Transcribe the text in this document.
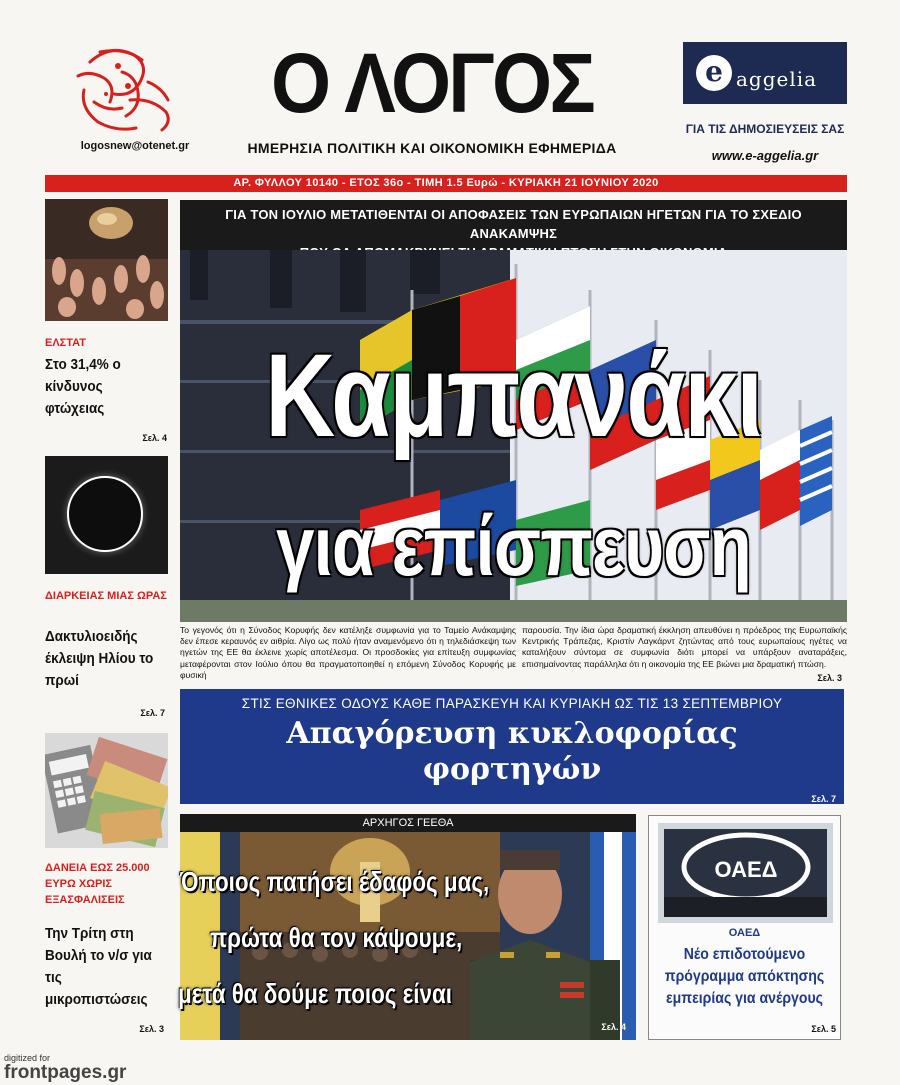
logosnew@otenet.gr
Ο ΛΟΓΟΣ
ΗΜΕΡΗΣΙΑ ΠΟΛΙΤΙΚΗ ΚΑΙ ΟΙΚΟΝΟΜΙΚΗ ΕΦΗΜΕΡΙΔΑ
e aggelia
ΓΙΑ ΤΙΣ ΔΗΜΟΣΙΕΥΣΕΙΣ ΣΑΣ
www.e-aggelia.gr
ΑΡ. ΦΥΛΛΟΥ 10140 - ΕΤΟΣ 36ο - ΤΙΜΗ 1.5 Ευρώ - ΚΥΡΙΑΚΗ 21 ΙΟΥΝΙΟΥ 2020
ΕΛΣΤΑΤ
Στο 31,4% ο κίνδυνος φτώχειας
Σελ. 4
ΔΙΑΡΚΕΙΑΣ ΜΙΑΣ ΩΡΑΣ
Δακτυλιοειδής έκλειψη Ηλίου το πρωί
Σελ. 7
ΔΑΝΕΙΑ ΕΩΣ 25.000 ΕΥΡΩ ΧΩΡΙΣ ΕΞΑΣΦΑΛΙΣΕΙΣ
Την Τρίτη στη Βουλή το ν/σ για τις μικροπιστώσεις
Σελ. 3
ΓΙΑ ΤΟΝ ΙΟΥΛΙΟ ΜΕΤΑΤΙΘΕΝΤΑΙ ΟΙ ΑΠΟΦΑΣΕΙΣ ΤΩΝ ΕΥΡΩΠΑΙΩΝ ΗΓΕΤΩΝ ΓΙΑ ΤΟ ΣΧΕΔΙΟ ΑΝΑΚΑΜΨΗΣ
Καμπανάκι
για επίσπευση
Το γεγονός ότι η Σύνοδος Κορυφής δεν κατέληξε συμφωνία για το Ταμείο Ανάκαμψης δεν έπεσε κεραυνός εν αιθρία. Λίγο ως πολύ ήταν αναμενόμενο ότι η τηλεδιάσκεψη των ηγετών της ΕΕ θα έκλεινε χωρίς αποτέλεσμα. Οι προσδοκίες για επίτευξη συμφωνίας μεταφέρονται στον Ιούλιο όπου θα πραγματοποιηθεί η επόμενη Σύνοδος Κορυφής με φυσική
παρουσία. Την ίδια ώρα δραματική έκκληση απευθύνει η πρόεδρος της Ευρωπαϊκής Κεντρικής Τράπεζας, Κριστίν Λαγκάρντ ζητώντας από τους ευρωπαίους ηγέτες να καταλήξουν σύντομα σε συμφωνία διότι μπορεί να υπάρξουν αναταράξεις, επισημαίνοντας παράλληλα ότι η οικονομία της ΕΕ βιώνει μια δραματική πτώση.
Σελ. 3
ΣΤΙΣ ΕΘΝΙΚΕΣ ΟΔΟΥΣ ΚΑΘΕ ΠΑΡΑΣΚΕΥΗ ΚΑΙ ΚΥΡΙΑΚΗ ΩΣ ΤΙΣ 13 ΣΕΠΤΕΜΒΡΙΟΥ
Απαγόρευση κυκλοφορίας
φορτηγών
Σελ. 7
ΑΡΧΗΓΟΣ ΓΕΕΘΑ
Όποιος πατήσει έδαφός μας,
πρώτα θα τον κάψουμε,
μετά θα δούμε ποιος είναι
Σελ. 4
ΟΑΕΔ
ΟΑΕΔ
Νέο επιδοτούμενο πρόγραμμα απόκτησης εμπειρίας για ανέργους
Σελ. 5
digitized for
frontpages.gr
